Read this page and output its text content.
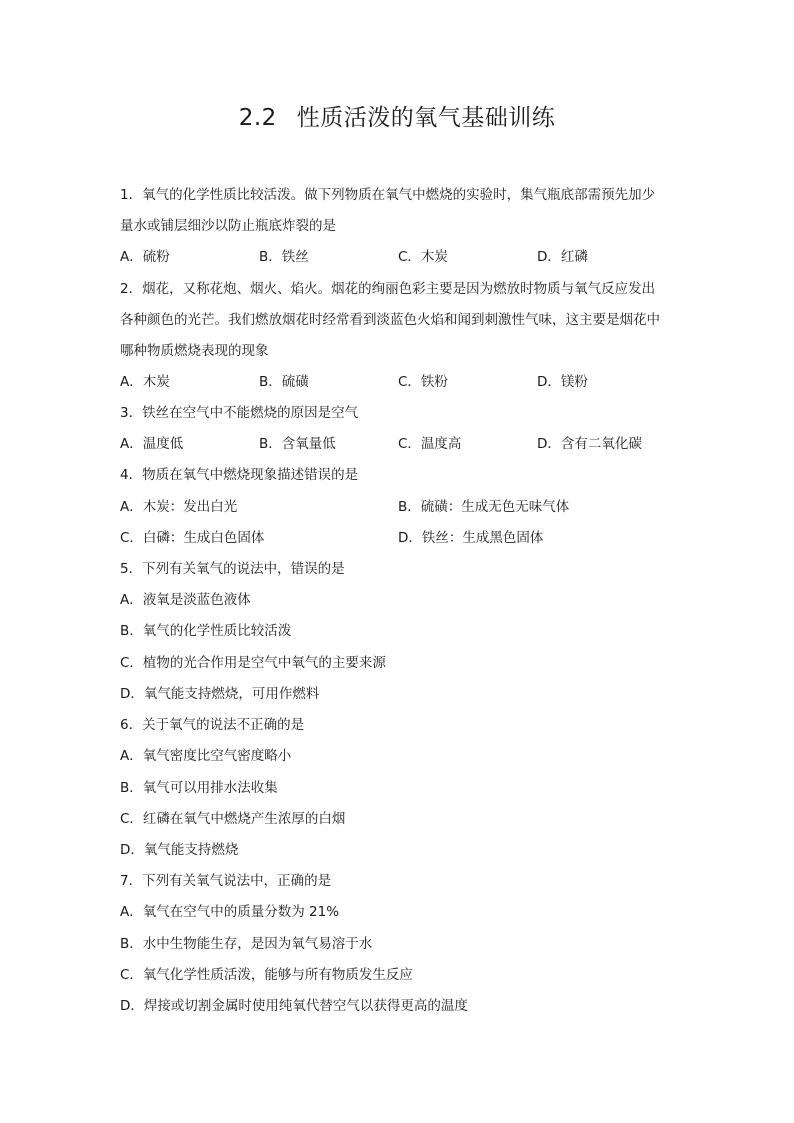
2.2 性质活泼的氧气基础训练
1．氧气的化学性质比较活泼。做下列物质在氧气中燃烧的实验时，集气瓶底部需预先加少
量水或铺层细沙以防止瓶底炸裂的是
A．硫粉	B．铁丝	C．木炭	D．红磷
2．烟花，又称花炮、烟火、焰火。烟花的绚丽色彩主要是因为燃放时物质与氧气反应发出
各种颜色的光芒。我们燃放烟花时经常看到淡蓝色火焰和闻到刺激性气味，这主要是烟花中
哪种物质燃烧表现的现象
A．木炭	B．硫磺	C．铁粉	D．镁粉
3．铁丝在空气中不能燃烧的原因是空气
A．温度低	B．含氧量低	C．温度高	D．含有二氧化碳
4．物质在氧气中燃烧现象描述错误的是
A．木炭：发出白光	B．硫磺：生成无色无味气体
C．白磷：生成白色固体	D．铁丝：生成黑色固体
5．下列有关氧气的说法中，错误的是
A．液氧是淡蓝色液体
B．氧气的化学性质比较活泼
C．植物的光合作用是空气中氧气的主要来源
D．氧气能支持燃烧，可用作燃料
6．关于氧气的说法不正确的是
A．氧气密度比空气密度略小
B．氧气可以用排水法收集
C．红磷在氧气中燃烧产生浓厚的白烟
D．氧气能支持燃烧
7．下列有关氧气说法中，正确的是
A．氧气在空气中的质量分数为 21%
B．水中生物能生存，是因为氧气易溶于水
C．氧气化学性质活泼，能够与所有物质发生反应
D．焊接或切割金属时使用纯氧代替空气以获得更高的温度
